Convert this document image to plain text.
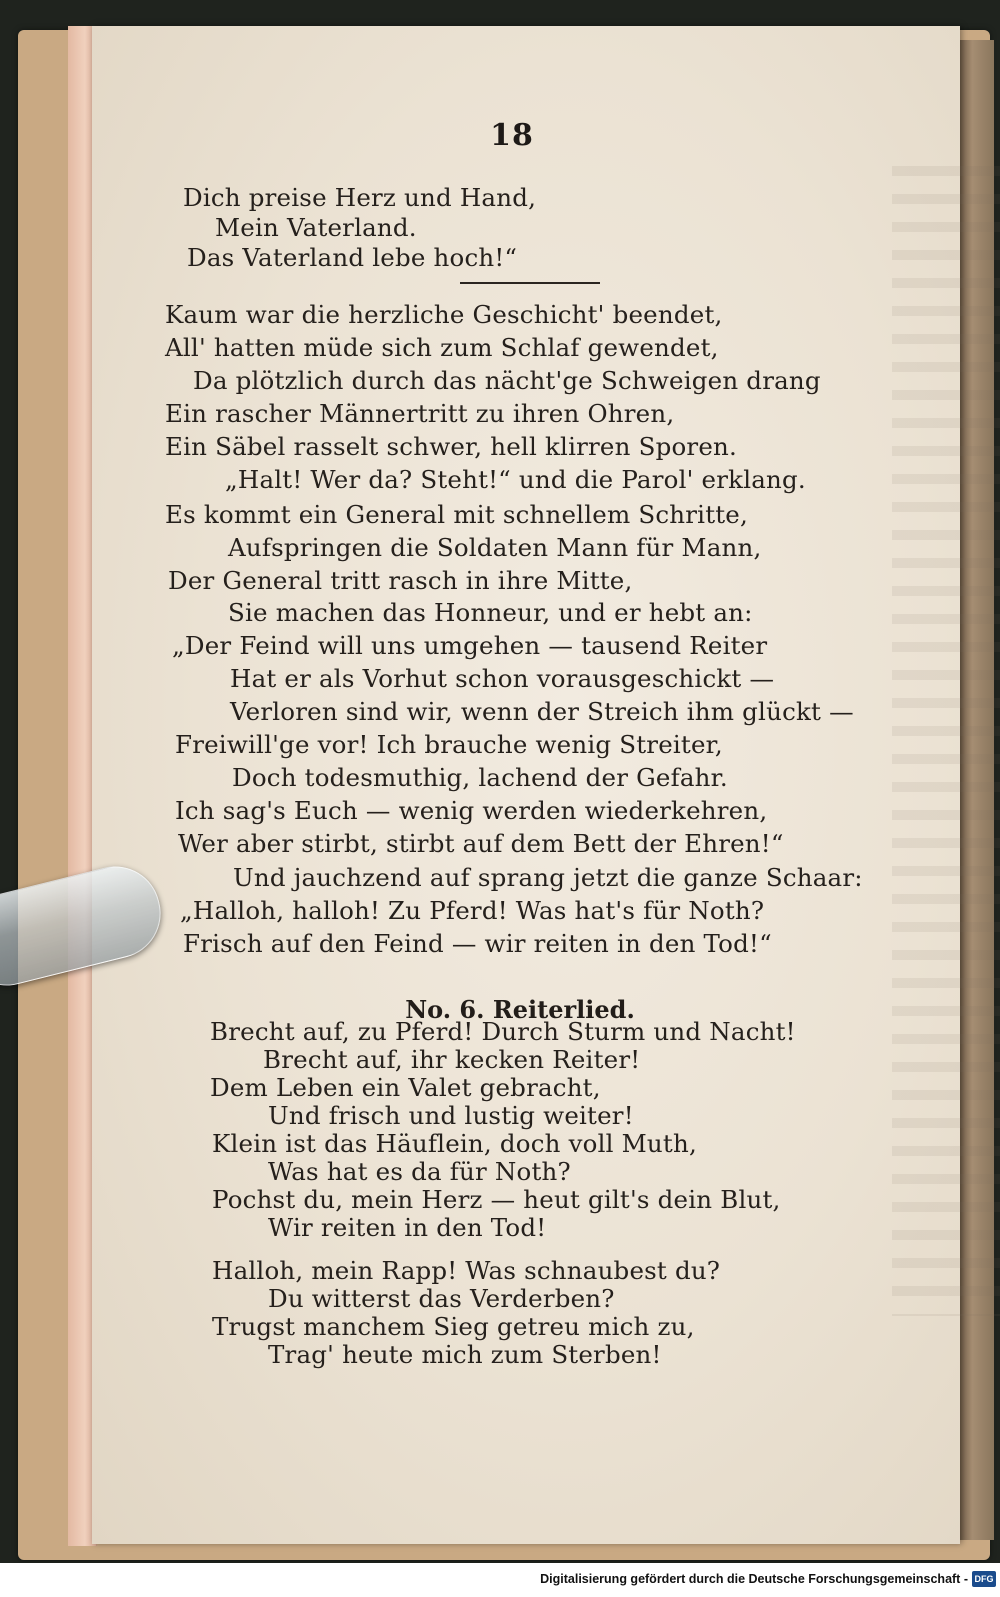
18
Dich preise Herz und Hand,
Mein Vaterland.
Das Vaterland lebe hoch!“
Kaum war die herzliche Geschicht' beendet,
All' hatten müde sich zum Schlaf gewendet,
Da plötzlich durch das nächt'ge Schweigen drang
Ein rascher Männertritt zu ihren Ohren,
Ein Säbel rasselt schwer, hell klirren Sporen.
„Halt! Wer da? Steht!“ und die Parol' erklang.
Es kommt ein General mit schnellem Schritte,
Aufspringen die Soldaten Mann für Mann,
Der General tritt rasch in ihre Mitte,
Sie machen das Honneur, und er hebt an:
„Der Feind will uns umgehen — tausend Reiter
Hat er als Vorhut schon vorausgeschickt —
Verloren sind wir, wenn der Streich ihm glückt —
Freiwill'ge vor! Ich brauche wenig Streiter,
Doch todesmuthig, lachend der Gefahr.
Ich sag's Euch — wenig werden wiederkehren,
Wer aber stirbt, stirbt auf dem Bett der Ehren!“
Und jauchzend auf sprang jetzt die ganze Schaar:
„Halloh, halloh! Zu Pferd! Was hat's für Noth?
Frisch auf den Feind — wir reiten in den Tod!“
No. 6. Reiterlied.
Brecht auf, zu Pferd! Durch Sturm und Nacht!
Brecht auf, ihr kecken Reiter!
Dem Leben ein Valet gebracht,
Und frisch und lustig weiter!
Klein ist das Häuflein, doch voll Muth,
Was hat es da für Noth?
Pochst du, mein Herz — heut gilt's dein Blut,
Wir reiten in den Tod!
Halloh, mein Rapp! Was schnaubest du?
Du witterst das Verderben?
Trugst manchem Sieg getreu mich zu,
Trag' heute mich zum Sterben!
Digitalisierung gefördert durch die Deutsche Forschungsgemeinschaft - DFG
